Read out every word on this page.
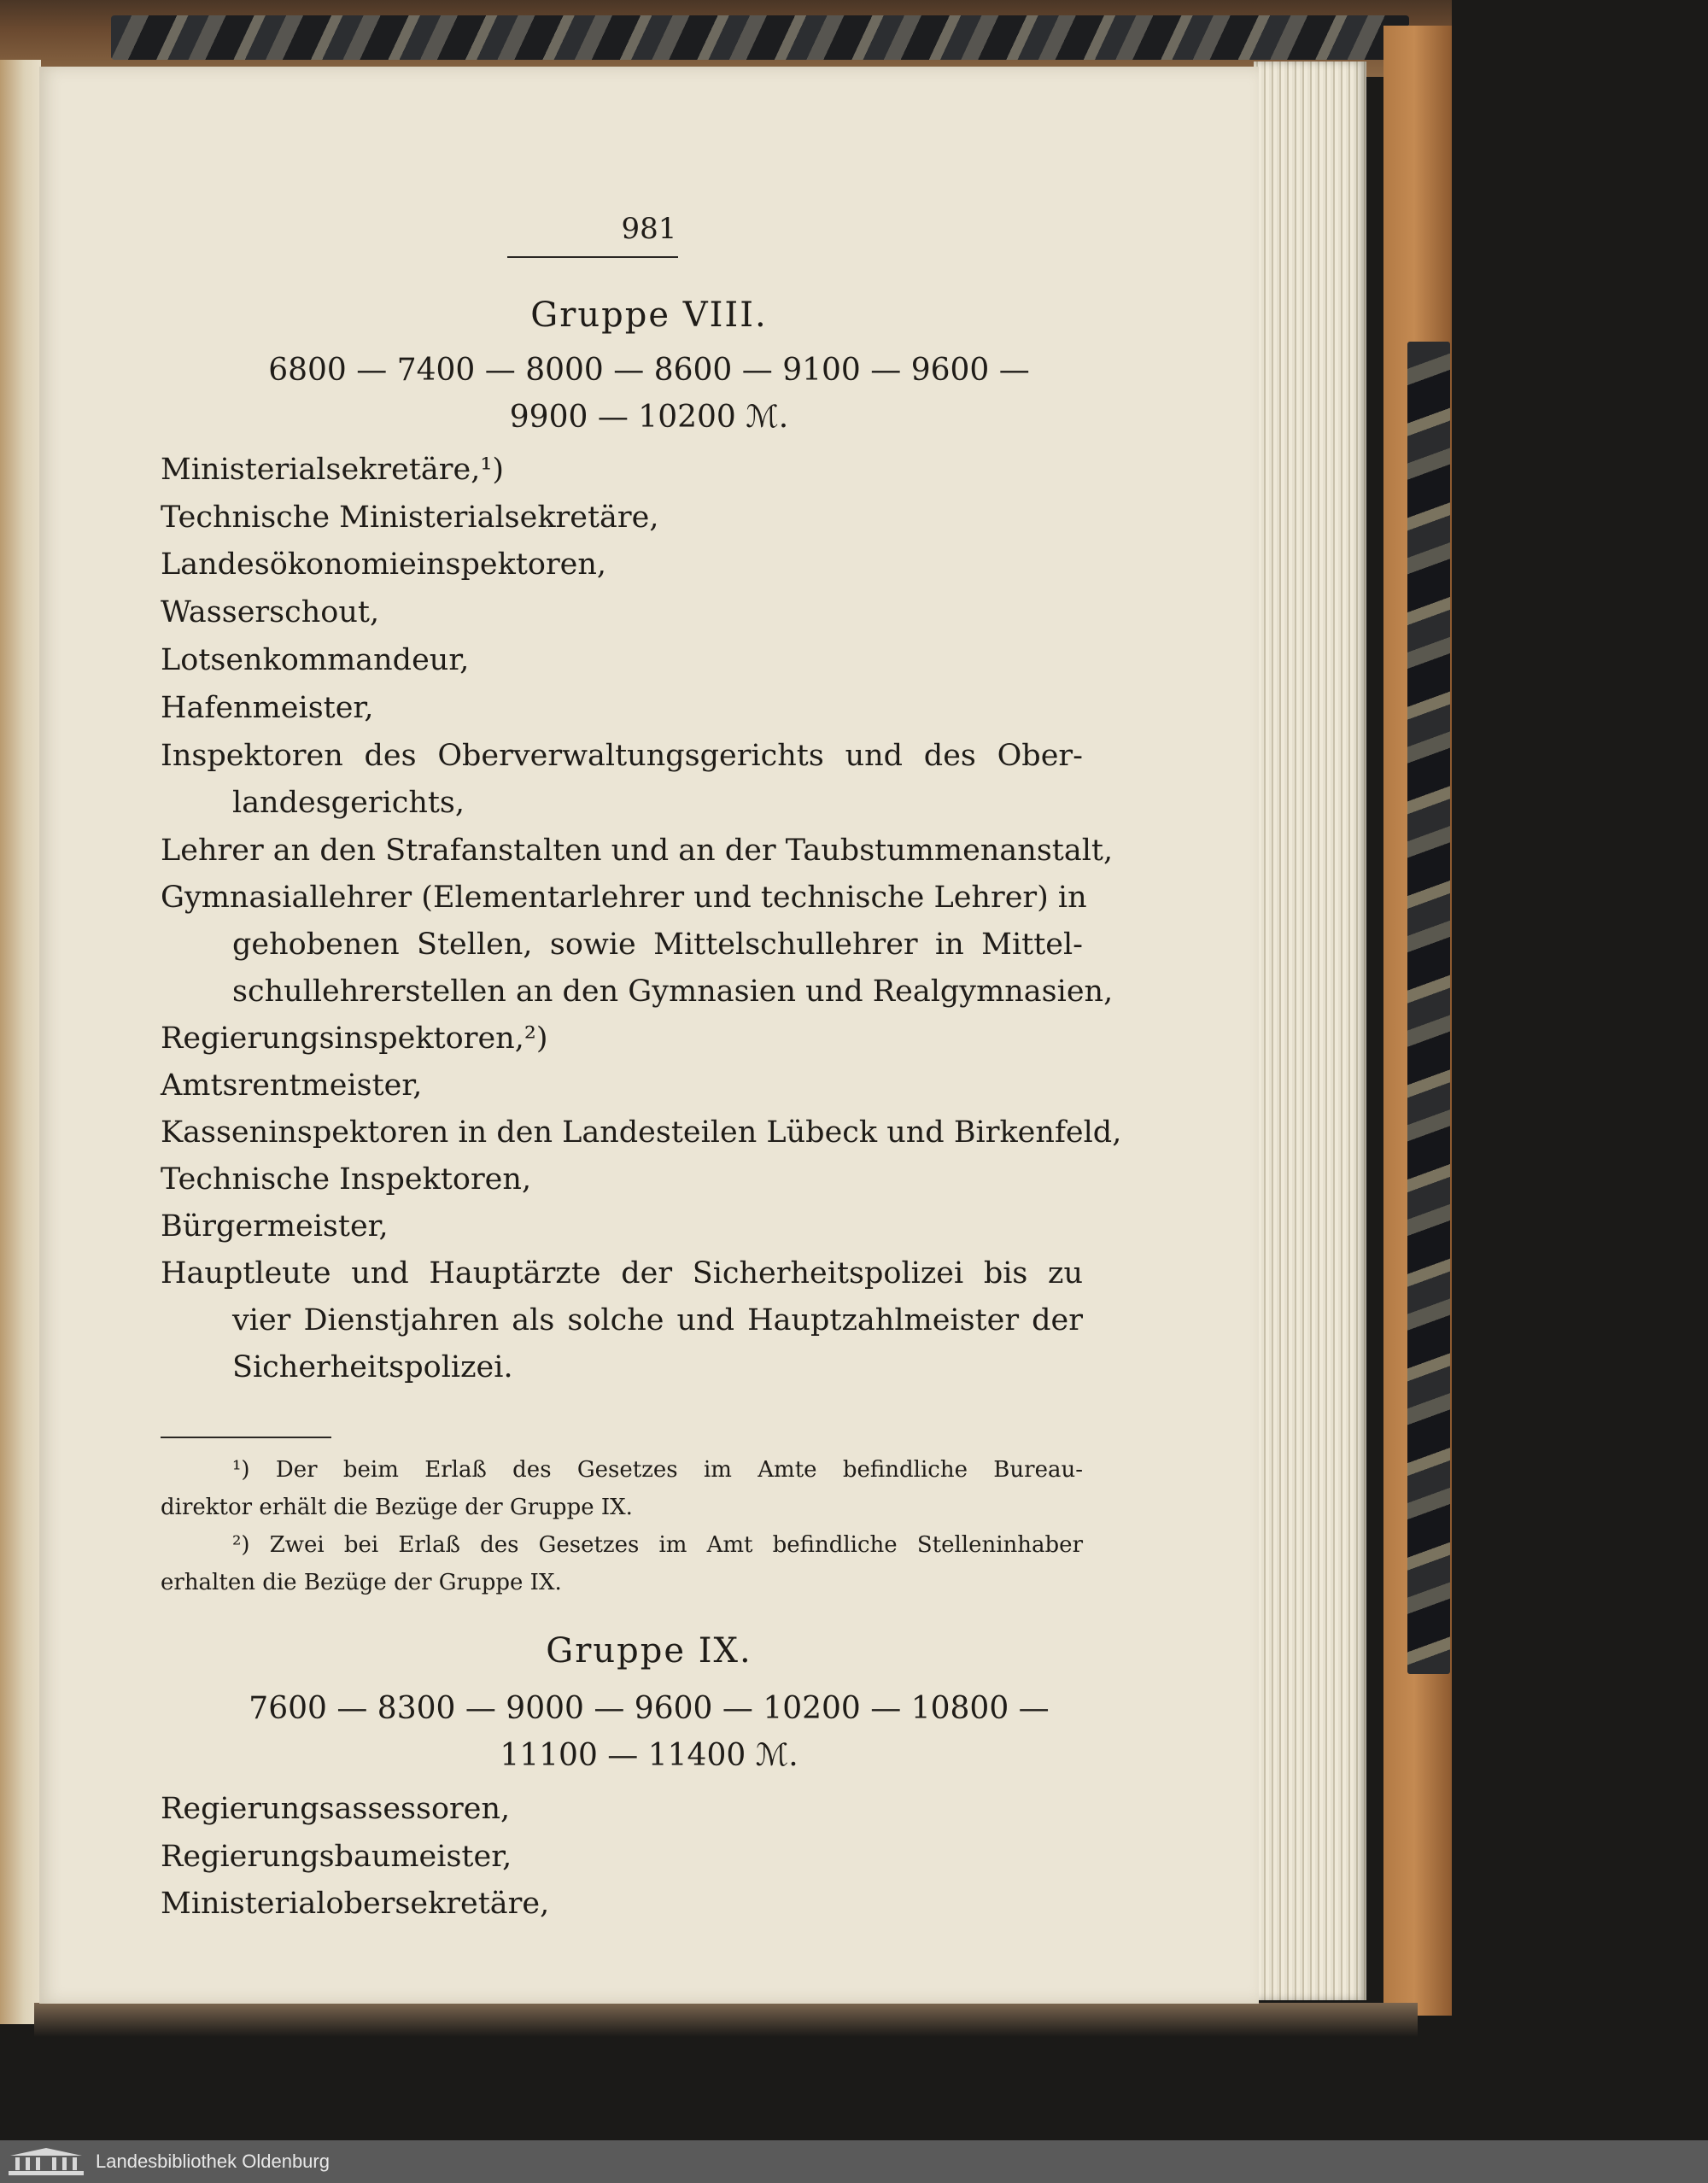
981
Gruppe VIII.
6800 — 7400 — 8000 — 8600 — 9100 — 9600 —
9900 — 10200 ℳ.
Ministerialsekretäre,¹)
Technische Ministerialsekretäre,
Landesökonomieinspektoren,
Wasserschout,
Lotsenkommandeur,
Hafenmeister,
Inspektoren des Oberverwaltungsgerichts und des Ober-
landesgerichts,
Lehrer an den Strafanstalten und an der Taubstummenanstalt,
Gymnasiallehrer (Elementarlehrer und technische Lehrer) in
gehobenen Stellen, sowie Mittelschullehrer in Mittel-
schullehrerstellen an den Gymnasien und Realgymnasien,
Regierungsinspektoren,²)
Amtsrentmeister,
Kasseninspektoren in den Landesteilen Lübeck und Birkenfeld,
Technische Inspektoren,
Bürgermeister,
Hauptleute und Hauptärzte der Sicherheitspolizei bis zu
vier Dienstjahren als solche und Hauptzahlmeister der
Sicherheitspolizei.
¹) Der beim Erlaß des Gesetzes im Amte befindliche Bureau-
direktor erhält die Bezüge der Gruppe IX.
²) Zwei bei Erlaß des Gesetzes im Amt befindliche Stelleninhaber
erhalten die Bezüge der Gruppe IX.
Gruppe IX.
7600 — 8300 — 9000 — 9600 — 10200 — 10800 —
11100 — 11400 ℳ.
Regierungsassessoren,
Regierungsbaumeister,
Ministerialobersekretäre,
Landesbibliothek Oldenburg
